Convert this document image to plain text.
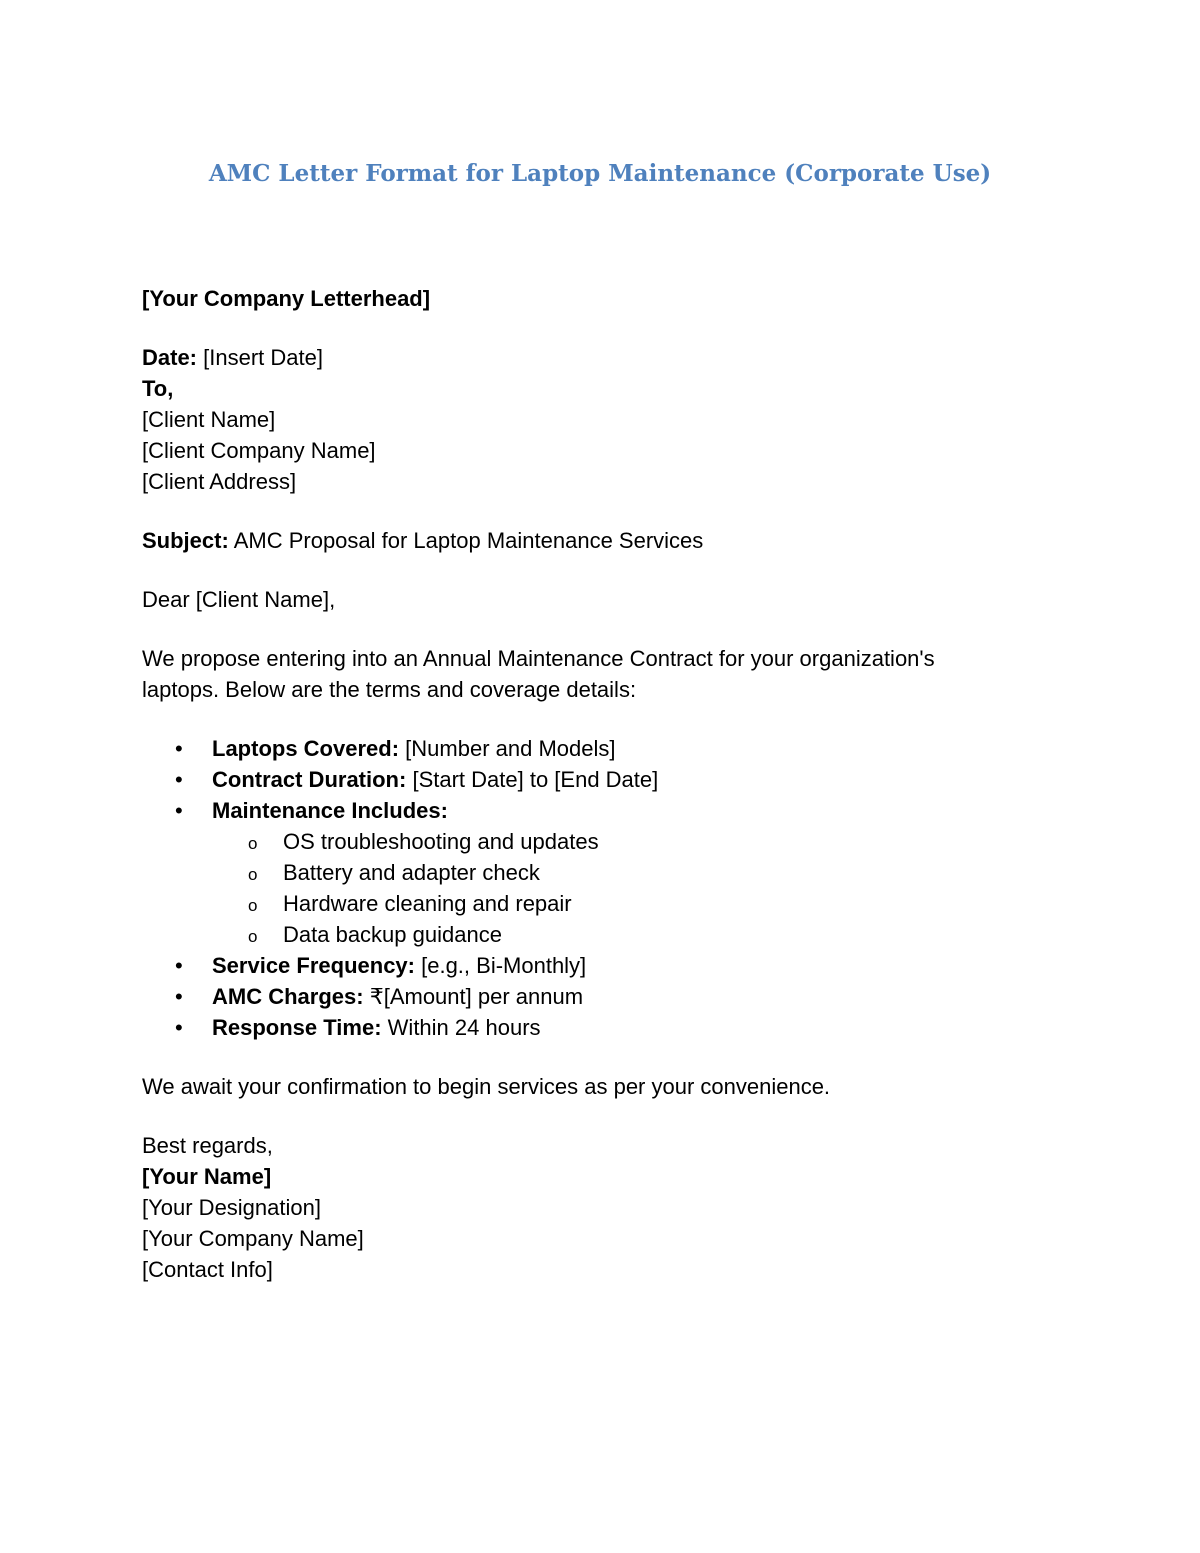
AMC Letter Format for Laptop Maintenance (Corporate Use)
[Your Company Letterhead]
Date: [Insert Date]
To,
[Client Name]
[Client Company Name]
[Client Address]
Subject: AMC Proposal for Laptop Maintenance Services
Dear [Client Name],
We propose entering into an Annual Maintenance Contract for your organization's
laptops. Below are the terms and coverage details:
• Laptops Covered: [Number and Models]
• Contract Duration: [Start Date] to [End Date]
• Maintenance Includes:
o OS troubleshooting and updates
o Battery and adapter check
o Hardware cleaning and repair
o Data backup guidance
• Service Frequency: [e.g., Bi-Monthly]
• AMC Charges: ₹[Amount] per annum
• Response Time: Within 24 hours
We await your confirmation to begin services as per your convenience.
Best regards,
[Your Name]
[Your Designation]
[Your Company Name]
[Contact Info]
